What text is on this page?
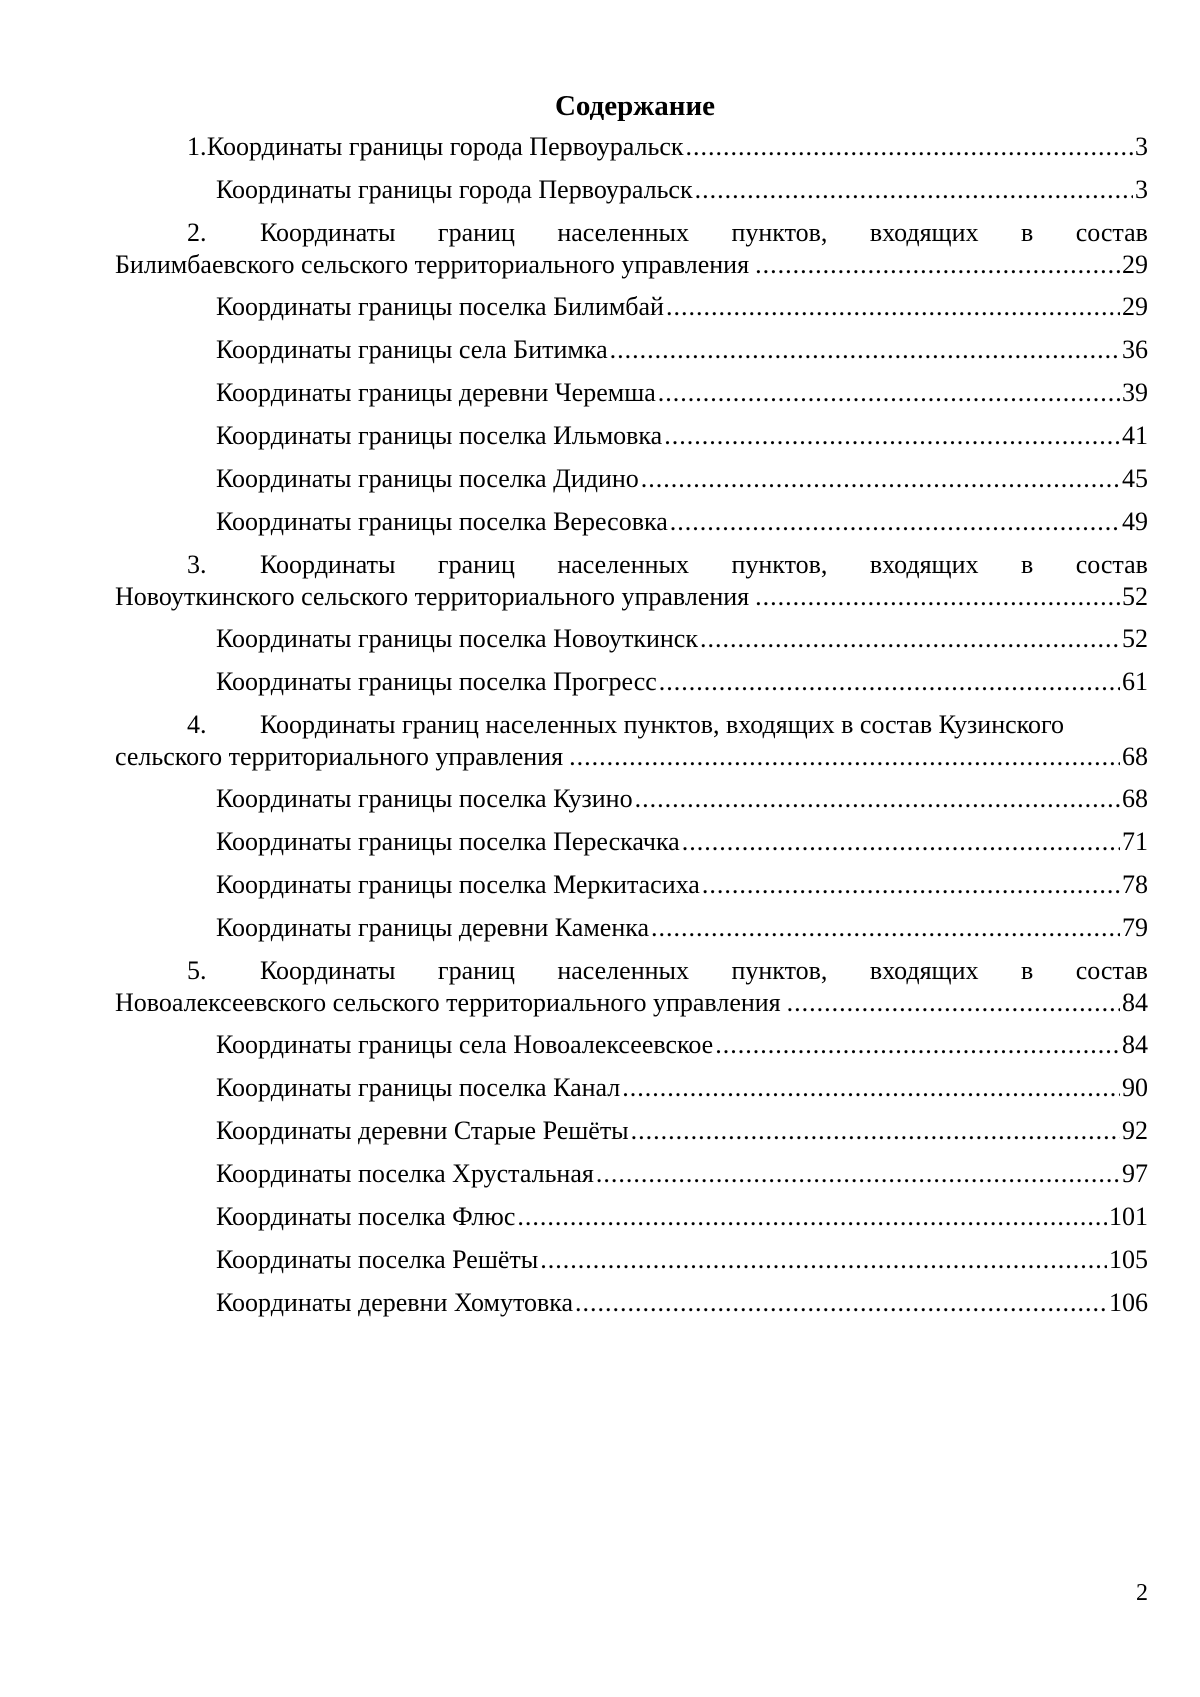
Содержание
1. Координаты границы города Первоуральск .....	3
Координаты границы города Первоуральск .....	3
2.	Координаты границ населенных пунктов, входящих в состав
Билимбаевского сельского территориального управления .....	29
Координаты границы поселка Билимбай .....	29
Координаты границы села Битимка .....	36
Координаты границы деревни Черемша .....	39
Координаты границы поселка Ильмовка .....	41
Координаты границы поселка Дидино .....	45
Координаты границы поселка Вересовка .....	49
3.	Координаты границ населенных пунктов, входящих в состав
Новоуткинского сельского территориального управления .....	52
Координаты границы поселка Новоуткинск .....	52
Координаты границы поселка Прогресс .....	61
4.	Координаты границ населенных пунктов, входящих в состав Кузинского
сельского территориального управления .....	68
Координаты границы поселка Кузино .....	68
Координаты границы поселка Перескачка .....	71
Координаты границы поселка Меркитасиха .....	78
Координаты границы деревни Каменка .....	79
5.	Координаты границ населенных пунктов, входящих в состав
Новоалексеевского сельского территориального управления .....	84
Координаты границы села Новоалексеевское .....	84
Координаты границы поселка Канал .....	90
Координаты деревни Старые Решёты .....	92
Координаты поселка Хрустальная .....	97
Координаты поселка Флюс .....	101
Координаты поселка Решёты .....	105
Координаты деревни Хомутовка .....	106
2
